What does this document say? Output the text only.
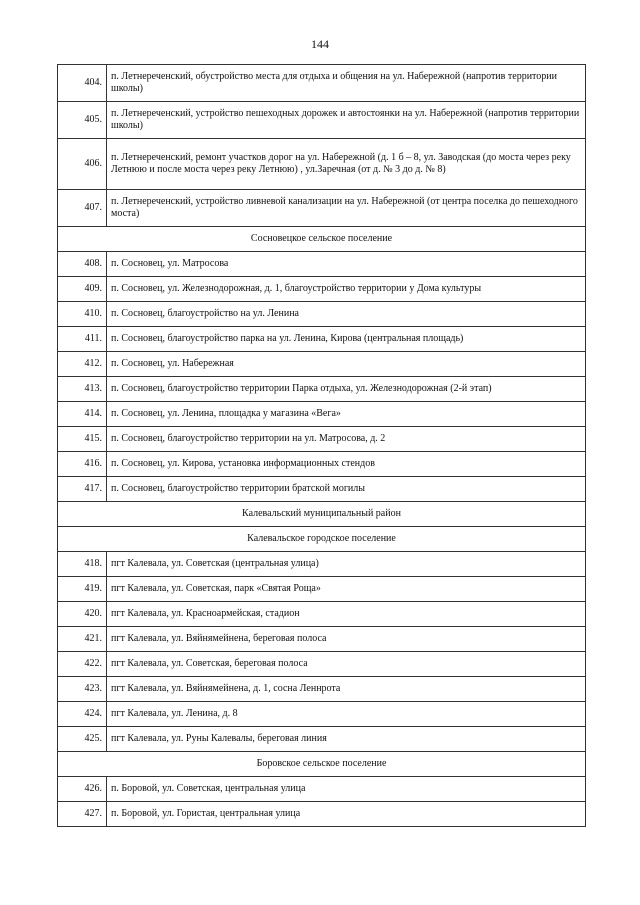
144
404.	п. Летнереченский, обустройство места для отдыха и общения на ул. Набережной (напротив территории школы)
405.	п. Летнереченский, устройство пешеходных дорожек и автостоянки на ул. Набережной (напротив территории школы)
406.	п. Летнереченский, ремонт участков дорог на ул. Набережной (д. 1 б – 8, ул. Заводская (до моста через реку Летнюю и после моста через реку Летнюю) , ул.Заречная (от д. № 3 до д. № 8)
407.	п. Летнереченский, устройство ливневой канализации на ул. Набережной (от центра поселка до пешеходного моста)
Сосновецкое сельское поселение	
408.	п. Сосновец, ул. Матросова
409.	п. Сосновец, ул. Железнодорожная, д. 1, благоустройство территории у Дома культуры
410.	п. Сосновец, благоустройство на ул. Ленина
411.	п. Сосновец, благоустройство парка на ул. Ленина, Кирова (центральная площадь)
412.	п. Сосновец, ул. Набережная
413.	п. Сосновец, благоустройство территории Парка отдыха, ул. Железнодорожная (2-й этап)
414.	п. Сосновец, ул. Ленина, площадка у магазина «Вега»
415.	п. Сосновец, благоустройство территории на ул. Матросова, д. 2
416.	п. Сосновец, ул. Кирова, установка информационных стендов
417.	п. Сосновец, благоустройство территории братской могилы
Калевальский муниципальный район	
Калевальское городское поселение	
418.	пгт Калевала, ул. Советская (центральная улица)
419.	пгт Калевала, ул. Советская, парк «Святая Роща»
420.	пгт Калевала, ул. Красноармейская, стадион
421.	пгт Калевала, ул. Вяйнямейнена, береговая полоса
422.	пгт Калевала, ул. Советская, береговая полоса
423.	пгт Калевала, ул. Вяйнямейнена, д. 1, сосна Леннрота
424.	пгт Калевала, ул. Ленина, д. 8
425.	пгт Калевала, ул. Руны Калевалы, береговая линия
Боровское сельское поселение	
426.	п. Боровой, ул. Советская, центральная улица
427.	п. Боровой, ул. Гористая, центральная улица
